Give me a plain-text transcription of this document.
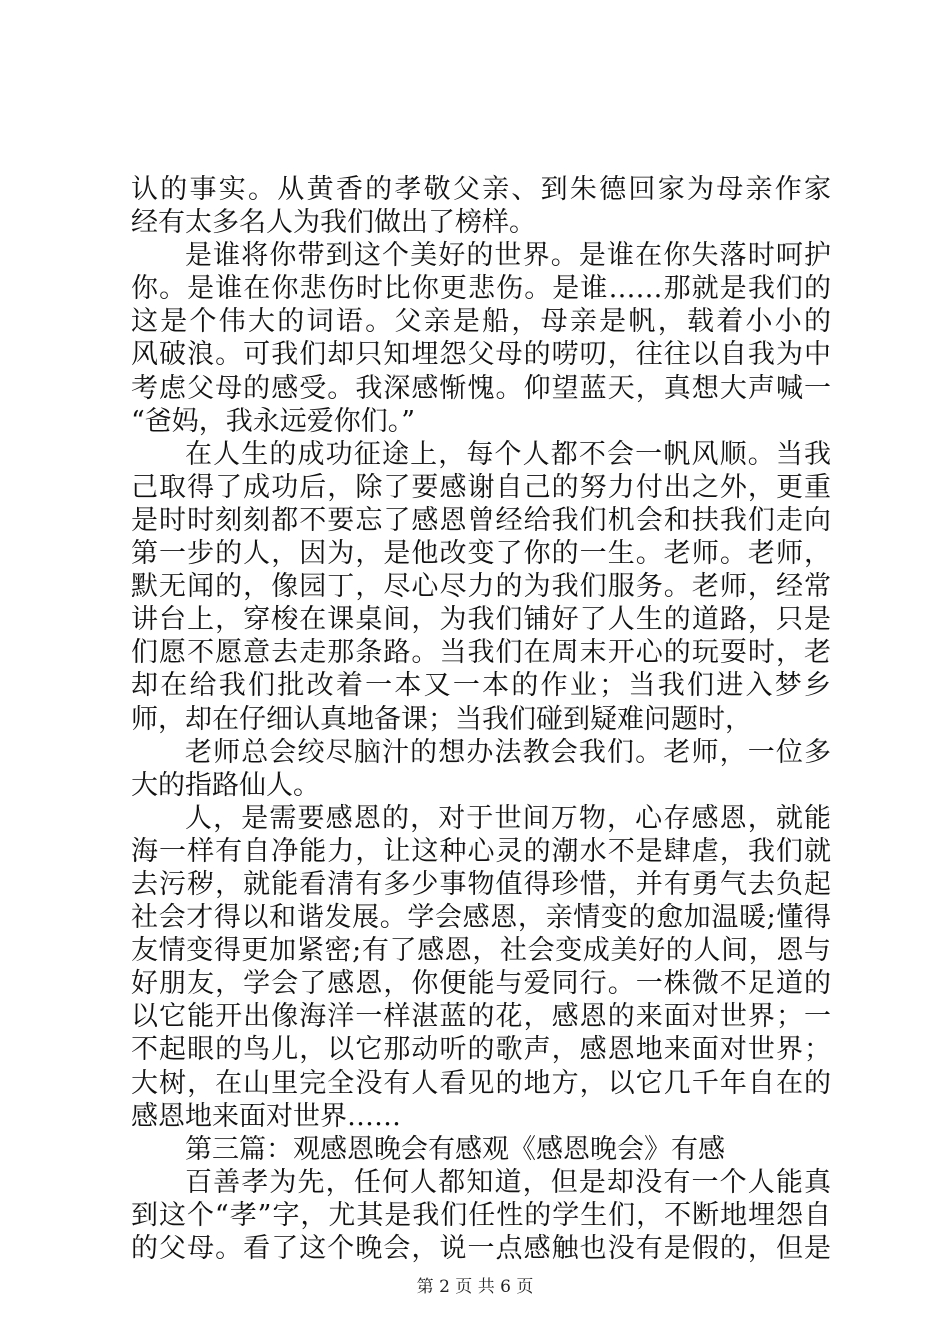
认的事实。从黄香的孝敬父亲、到朱德回家为母亲作家
经有太多名人为我们做出了榜样。
是谁将你带到这个美好的世界。是谁在你失落时呵护
你。是谁在你悲伤时比你更悲伤。是谁……那就是我们的
这是个伟大的词语。父亲是船，母亲是帆，载着小小的
风破浪。可我们却只知埋怨父母的唠叨，往往以自我为中
考虑父母的感受。我深感惭愧。仰望蓝天，真想大声喊一
“爸妈，我永远爱你们。”
在人生的成功征途上，每个人都不会一帆风顺。当我
己取得了成功后，除了要感谢自己的努力付出之外，更重
是时时刻刻都不要忘了感恩曾经给我们机会和扶我们走向
第一步的人，因为，是他改变了你的一生。老师。老师，
默无闻的，像园丁，尽心尽力的为我们服务。老师，经常
讲台上，穿梭在课桌间，为我们铺好了人生的道路，只是
们愿不愿意去走那条路。当我们在周末开心的玩耍时，老
却在给我们批改着一本又一本的作业；当我们进入梦乡
师，却在仔细认真地备课；当我们碰到疑难问题时，
老师总会绞尽脑汁的想办法教会我们。老师，一位多
大的指路仙人。
人，是需要感恩的，对于世间万物，心存感恩，就能
海一样有自净能力，让这种心灵的潮水不是肆虐，我们就
去污秽，就能看清有多少事物值得珍惜，并有勇气去负起
社会才得以和谐发展。学会感恩，亲情变的愈加温暖;懂得
友情变得更加紧密;有了感恩，社会变成美好的人间，恩与
好朋友，学会了感恩，你便能与爱同行。一株微不足道的
以它能开出像海洋一样湛蓝的花，感恩的来面对世界；一
不起眼的鸟儿，以它那动听的歌声，感恩地来面对世界；
大树，在山里完全没有人看见的地方，以它几千年自在的
感恩地来面对世界……
第三篇：观感恩晚会有感观《感恩晚会》有感
百善孝为先，任何人都知道，但是却没有一个人能真
到这个“孝”字，尤其是我们任性的学生们，不断地埋怨自
的父母。看了这个晚会，说一点感触也没有是假的，但是
第 2 页 共 6 页
